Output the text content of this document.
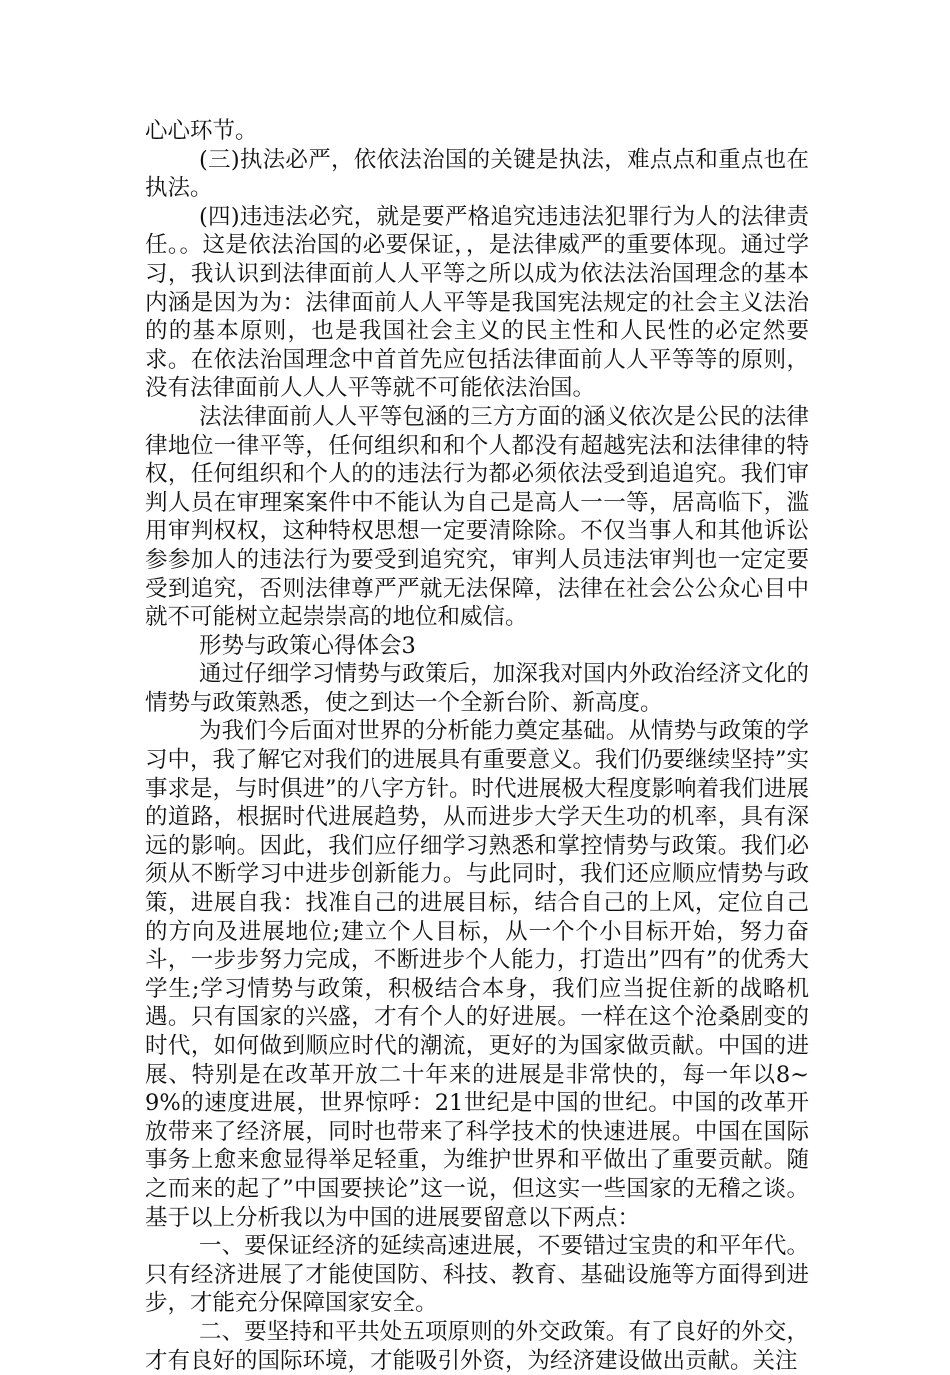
心心环节。

(三)执法必严，依依法治国的关键是执法，难点点和重点也在执法。

(四)违违法必究，就是要严格追究违违法犯罪行为人的法律责任。。这是依法治国的必要保证，，是法律威严的重要体现。通过学习，我认识到法律面前人人平等之所以成为依法法治国理念的基本内涵是因为为：法律面前人人平等是我国宪法规定的社会主义法治的的基本原则，也是我国社会主义的民主性和人民性的必定然要求。在依法治国理念中首首先应包括法律面前人人平等等的原则，没有法律面前人人人平等就不可能依法治国。

法法律面前人人平等包涵的三方方面的涵义依次是公民的法律律地位一律平等，任何组织和和个人都没有超越宪法和法律律的特权，任何组织和个人的的违法行为都必须依法受到追追究。我们审判人员在审理案案件中不能认为自己是高人一一等，居高临下，滥用审判权权，这种特权思想一定要清除除。不仅当事人和其他诉讼参参加人的违法行为要受到追究究，审判人员违法审判也一定定要受到追究，否则法律尊严严就无法保障，法律在社会公公众心目中就不可能树立起崇崇高的地位和威信。

形势与政策心得体会3

通过仔细学习情势与政策后，加深我对国内外政治经济文化的情势与政策熟悉，使之到达一个全新台阶、新高度。

为我们今后面对世界的分析能力奠定基础。从情势与政策的学习中，我了解它对我们的进展具有重要意义。我们仍要继续坚持”实事求是，与时俱进”的八字方针。时代进展极大程度影响着我们进展的道路，根据时代进展趋势，从而进步大学天生功的机率，具有深远的影响。因此，我们应仔细学习熟悉和掌控情势与政策。我们必须从不断学习中进步创新能力。与此同时，我们还应顺应情势与政策，进展自我：找准自己的进展目标，结合自己的上风，定位自己的方向及进展地位;建立个人目标，从一个个小目标开始，努力奋斗，一步步努力完成，不断进步个人能力，打造出”四有”的优秀大学生;学习情势与政策，积极结合本身，我们应当捉住新的战略机遇。只有国家的兴盛，才有个人的好进展。一样在这个沧桑剧变的时代，如何做到顺应时代的潮流，更好的为国家做贡献。中国的进展、特别是在改革开放二十年来的进展是非常快的，每一年以8~9%的速度进展，世界惊呼：21世纪是中国的世纪。中国的改革开放带来了经济展，同时也带来了科学技术的快速进展。中国在国际事务上愈来愈显得举足轻重，为维护世界和平做出了重要贡献。随之而来的起了”中国要挟论”这一说，但这实一些国家的无稽之谈。基于以上分析我以为中国的进展要留意以下两点：

一、要保证经济的延续高速进展，不要错过宝贵的和平年代。只有经济进展了才能使国防、科技、教育、基础设施等方面得到进步，才能充分保障国家安全。

二、要坚持和平共处五项原则的外交政策。有了良好的外交，才有良好的国际环境，才能吸引外资，为经济建设做出贡献。关注
